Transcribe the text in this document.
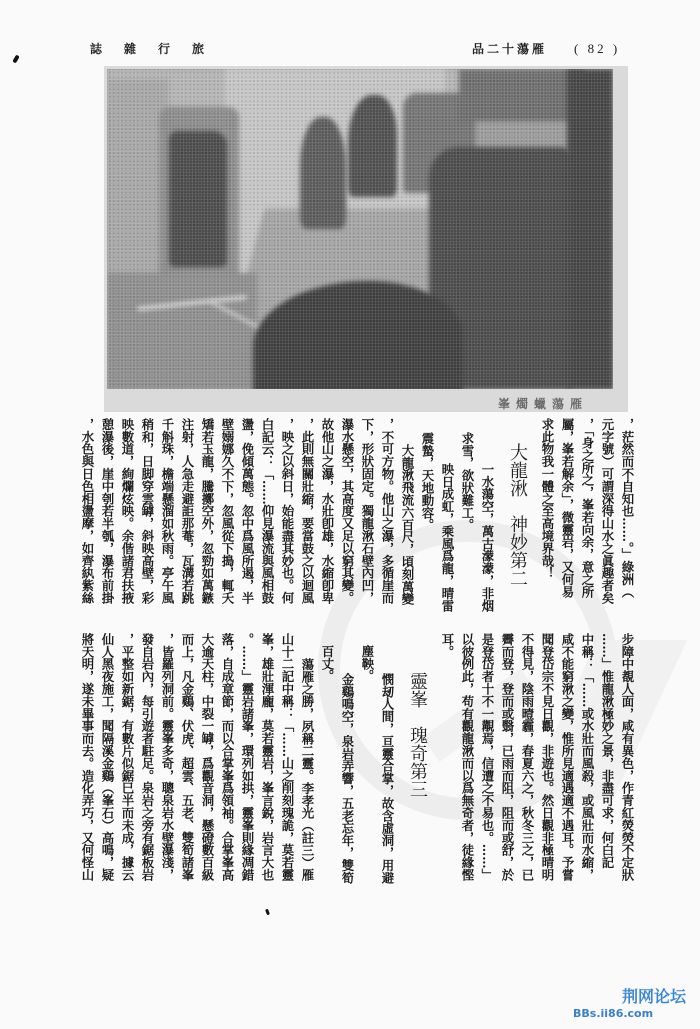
誌　雜　行　旅	品二十蕩雁 ( 82 )
峯燭蠟蕩雁
，茫然而不自知也……。」綠洲（
元字號）可謂深得山水之眞趣者矣
，「身之所之，峯若向余，意之所
屬，峯若解余」，微靈岩，又何易
求此物我一體之至高境界哉！
大龍湫　神妙第二
一水蕩空，萬古濛濛，非烟
求雪，欲狀難工。
映日成虹，乘風爲龍，晴雷
震蟄，天地動容。
大龍湫飛流六百尺，頃刻萬變
，不可方物。他山之瀑，多循崖而
下，形狀固定。獨龍湫石壁內凹，
瀑水懸空，其高度又足以窮其變。
故他山之瀑，水壯卽雄，水縮卽卑
，此則無關壯縮，要當鼓之以迴風
，映之以斜日，始能盡其妙也。何
白記云：「……仰見瀑流與風相鼓
盪，俛傾萬態。忽中爲風所遏，半
壁嫋娜久不下，忽風從下搗，輒夭
矯若玉龍，騰擲空外，忽勁如萬鏃
注射，人急走避詎那菴，瓦溝若跳
千斛珠，檐端懸溜如秋雨。亭午風
稍和，日脚穿雲罅，斜映高壁，彩
映數道，絢爛炫映。余偕諸君扶掖
憩瀑後，崖中刳若半瓠，瀑布前掛
，水色與日色相盪摩，如齊紈紫絲
步障中覩人面，咸有異色，作青紅熒熒不定狀
……」惟龍湫極妙之景，非盡可求，何白記
中稱：「……或水壯而風殺，或風壯而水縮，
咸不能窮湫之變，惟所見適遇適不遇耳。予嘗
聞登岱宗不見日觀，非遊也。然日觀非極晴明
不得見，陰雨曀霾，春夏六之，秋冬三之，已
霽而登，登而或翳，已雨而阻，阻而或舒，於
是登岱者十不一覯焉，信遭之不易也。……」
以彼例此，苟有觀龍湫而以爲無奇者，徒緣慳
耳。
靈峯　瑰奇第三
憫刼人間，亘靈合掌，故含虛洞，用避
塵鞅。
金鷄鳴空，泉岩弄響，五老忘年，雙筍
百丈。
蕩雁之勝，夙稱二靈。李孝光（註三）雁
山十二記中稱：「……山之削刻瑰詭，莫若靈
峯，雄壯渾龐，莫若靈岩，峯言銳，岩言大也
。……」靈岩諸峯，環列如拱，靈峯則緣凋錯
落，自成章節，而以合掌峯爲領袖。合掌峯高
大逾天柱，中裂一罅，爲觀音洞，懸磴數百級
而上，凡金鷄、伏虎、超雲、五老、雙筍諸峯
，皆羅列洞前。靈峯多奇，聰泉岩水壁瀑淺，
發自岩內，每引遊者駐足。泉岩之旁有鋸板岩
，平整如新鋸，有數片似鋸巳半而未成，據云
仙人黑夜施工，聞隔溪金鷄（峯石）高鳴，疑
將天明，遂未畢事而去。造化弄巧，又何怪山
荆网论坛
BBs.ii86.com
